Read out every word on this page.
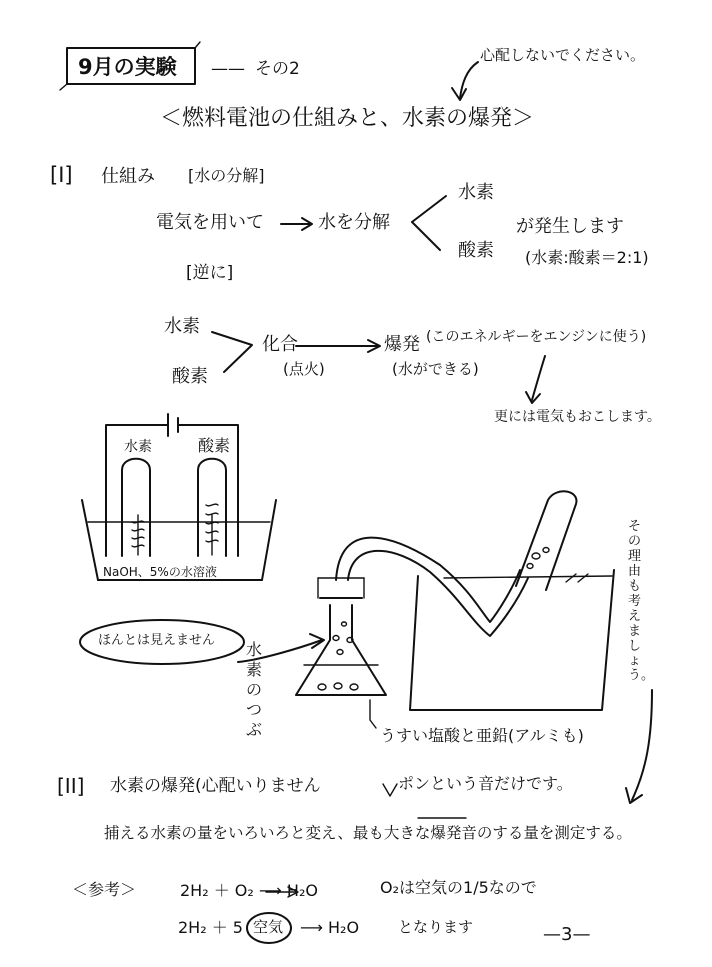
9月の実験 —— その2
心配しないでください。
＜燃料電池の仕組みと、水素の爆発＞
[I] 仕組み [水の分解]
電気を用いて	水を分解
水素
酸素
が発生します
(水素:酸素＝2:1)
[逆に]
水素
酸素
化合
(点火)
爆発 (このエネルギーをエンジンに使う)
(水ができる)
更には電気もおこします。
水素	酸素
NaOH、5%の水溶液
ほんとは見えません 水素のつぶ	うすい塩酸と亜鉛(アルミも)
その理由も考えましょう。
[II] 水素の爆発(心配いりません	ポンという音だけです。
捕える水素の量をいろいろと変え、最も大きな爆発音のする量を測定する。
＜参考＞	2H₂ ＋ O₂ ⟶ H₂O	O₂は空気の1/5なので
2H₂ ＋ 5 空気 ⟶ H₂O	となります	—3—
